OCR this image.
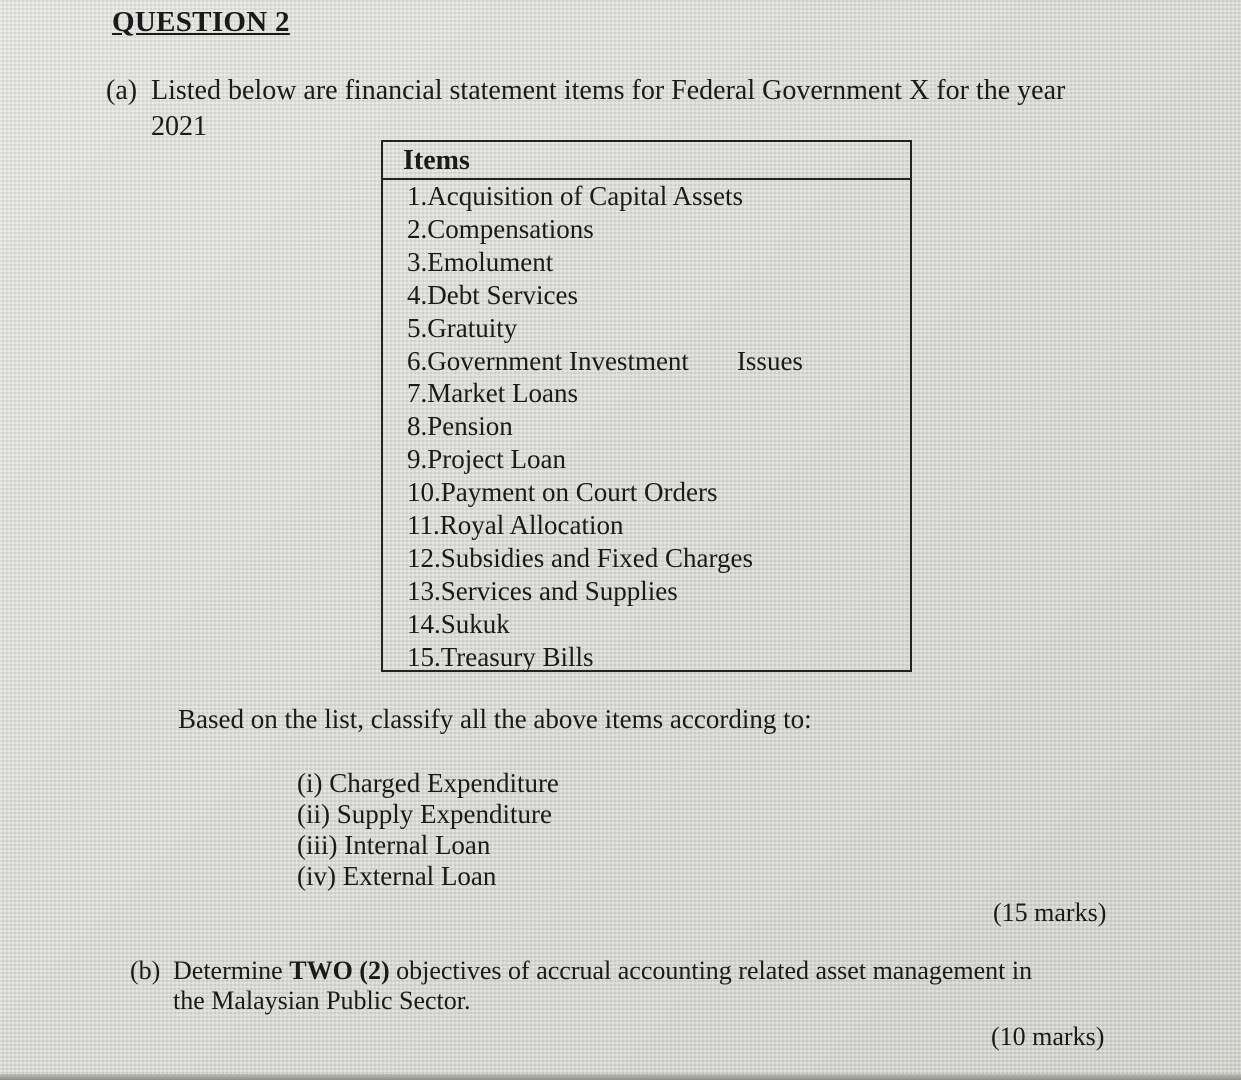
QUESTION 2
(a) Listed below are financial statement items for Federal Government X for the year
2021
Items
1.Acquisition of Capital Assets
2.Compensations
3.Emolument
4.Debt Services
5.Gratuity
6.Government Investment Issues
7.Market Loans
8.Pension
9.Project Loan
10.Payment on Court Orders
11.Royal Allocation
12.Subsidies and Fixed Charges
13.Services and Supplies
14.Sukuk
15.Treasury Bills
Based on the list, classify all the above items according to:
(i) Charged Expenditure
(ii) Supply Expenditure
(iii) Internal Loan
(iv) External Loan
(15 marks)
(b) Determine TWO (2) objectives of accrual accounting related asset management in
the Malaysian Public Sector.
(10 marks)
